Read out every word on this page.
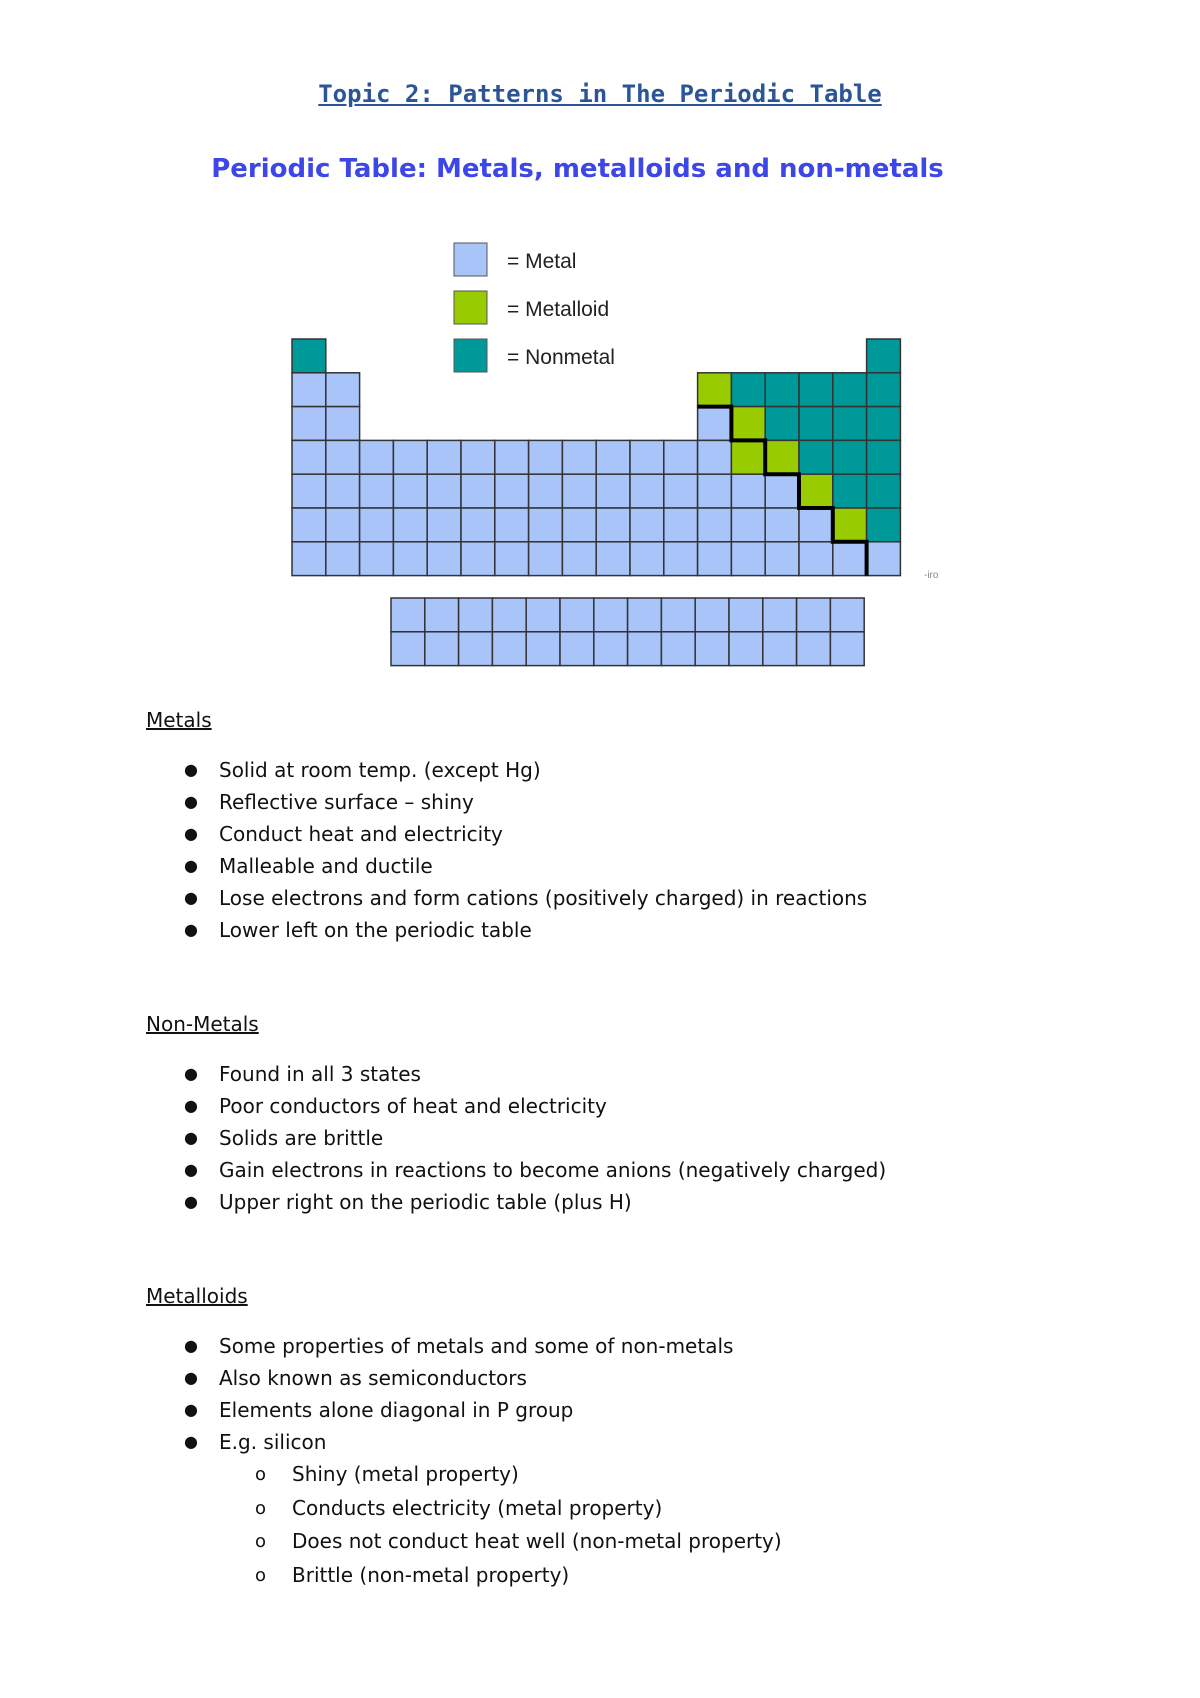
Topic 2: Patterns in The Periodic Table
Periodic Table: Metals, metalloids and non-metals
= Metal
= Metalloid
= Nonmetal
-iro
Metals
● Solid at room temp. (except Hg)
● Reflective surface – shiny
● Conduct heat and electricity
● Malleable and ductile
● Lose electrons and form cations (positively charged) in reactions
● Lower left on the periodic table
Non-Metals
● Found in all 3 states
● Poor conductors of heat and electricity
● Solids are brittle
● Gain electrons in reactions to become anions (negatively charged)
● Upper right on the periodic table (plus H)
Metalloids
● Some properties of metals and some of non-metals
● Also known as semiconductors
● Elements alone diagonal in P group
● E.g. silicon
o Shiny (metal property)
o Conducts electricity (metal property)
o Does not conduct heat well (non-metal property)
o Brittle (non-metal property)
